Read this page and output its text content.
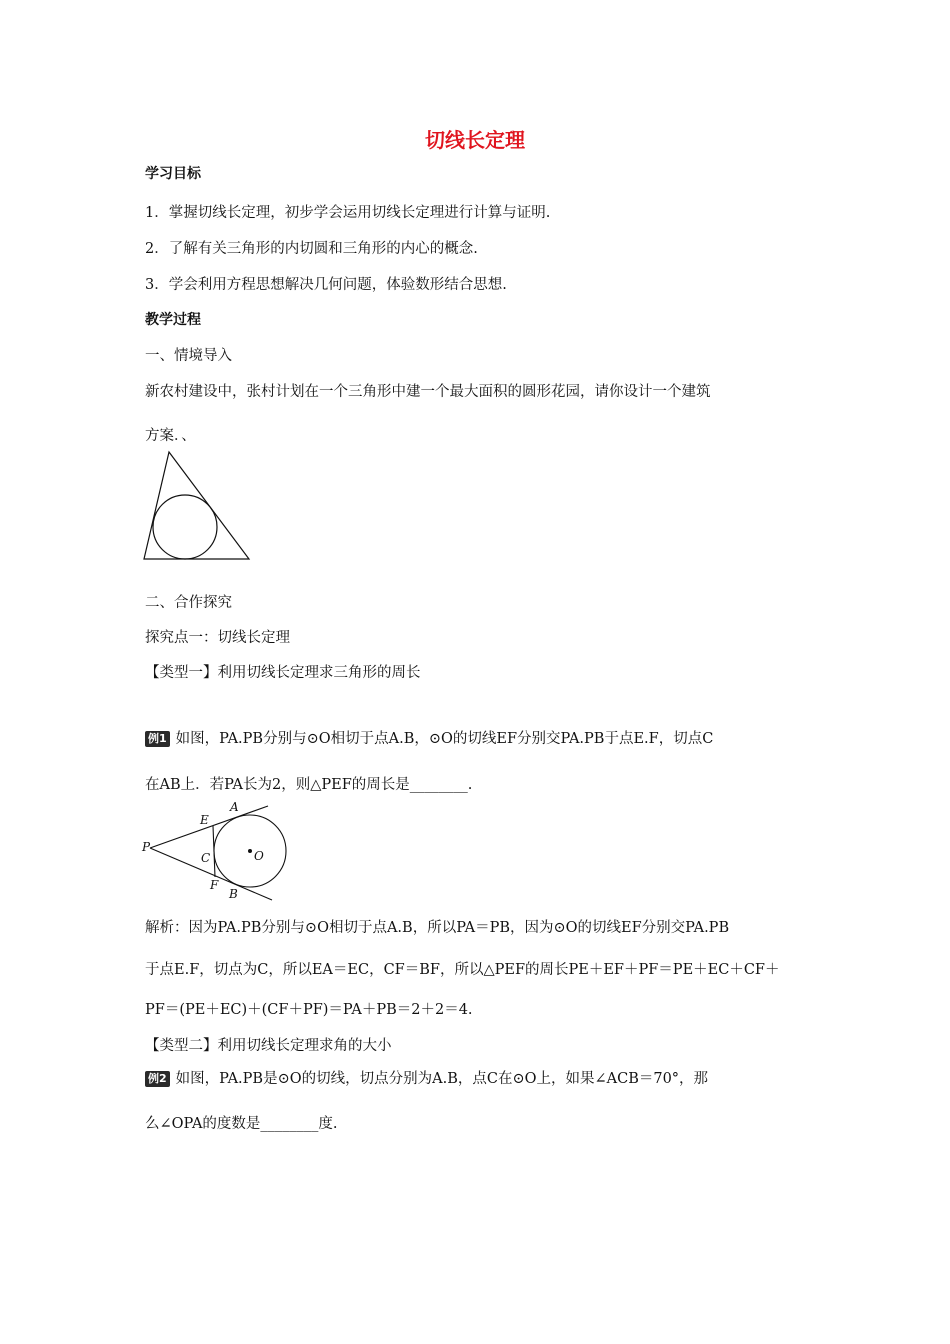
切线长定理
学习目标
1．掌握切线长定理，初步学会运用切线长定理进行计算与证明.
2．了解有关三角形的内切圆和三角形的内心的概念.
3．学会利用方程思想解决几何问题，体验数形结合思想.
教学过程
一、情境导入
新农村建设中，张村计划在一个三角形中建一个最大面积的圆形花园，请你设计一个建筑
方案．、
二、合作探究
探究点一：切线长定理
【类型一】利用切线长定理求三角形的周长
例1 如图，PA.PB分别与⊙O相切于点A.B，⊙O的切线EF分别交PA.PB于点E.F，切点C
在AB上．若PA长为2，则△PEF的周长是________.
A
E
P
C	O
F
B
解析：因为PA.PB分别与⊙O相切于点A.B，所以PA＝PB，因为⊙O的切线EF分别交PA.PB
于点E.F，切点为C，所以EA＝EC，CF＝BF，所以△PEF的周长PE＋EF＋PF＝PE＋EC＋CF＋
PF＝(PE＋EC)＋(CF＋PF)＝PA＋PB＝2＋2＝4.
【类型二】利用切线长定理求角的大小
例2 如图，PA.PB是⊙O的切线，切点分别为A.B，点C在⊙O上，如果∠ACB＝70°，那
么∠OPA的度数是________度.
